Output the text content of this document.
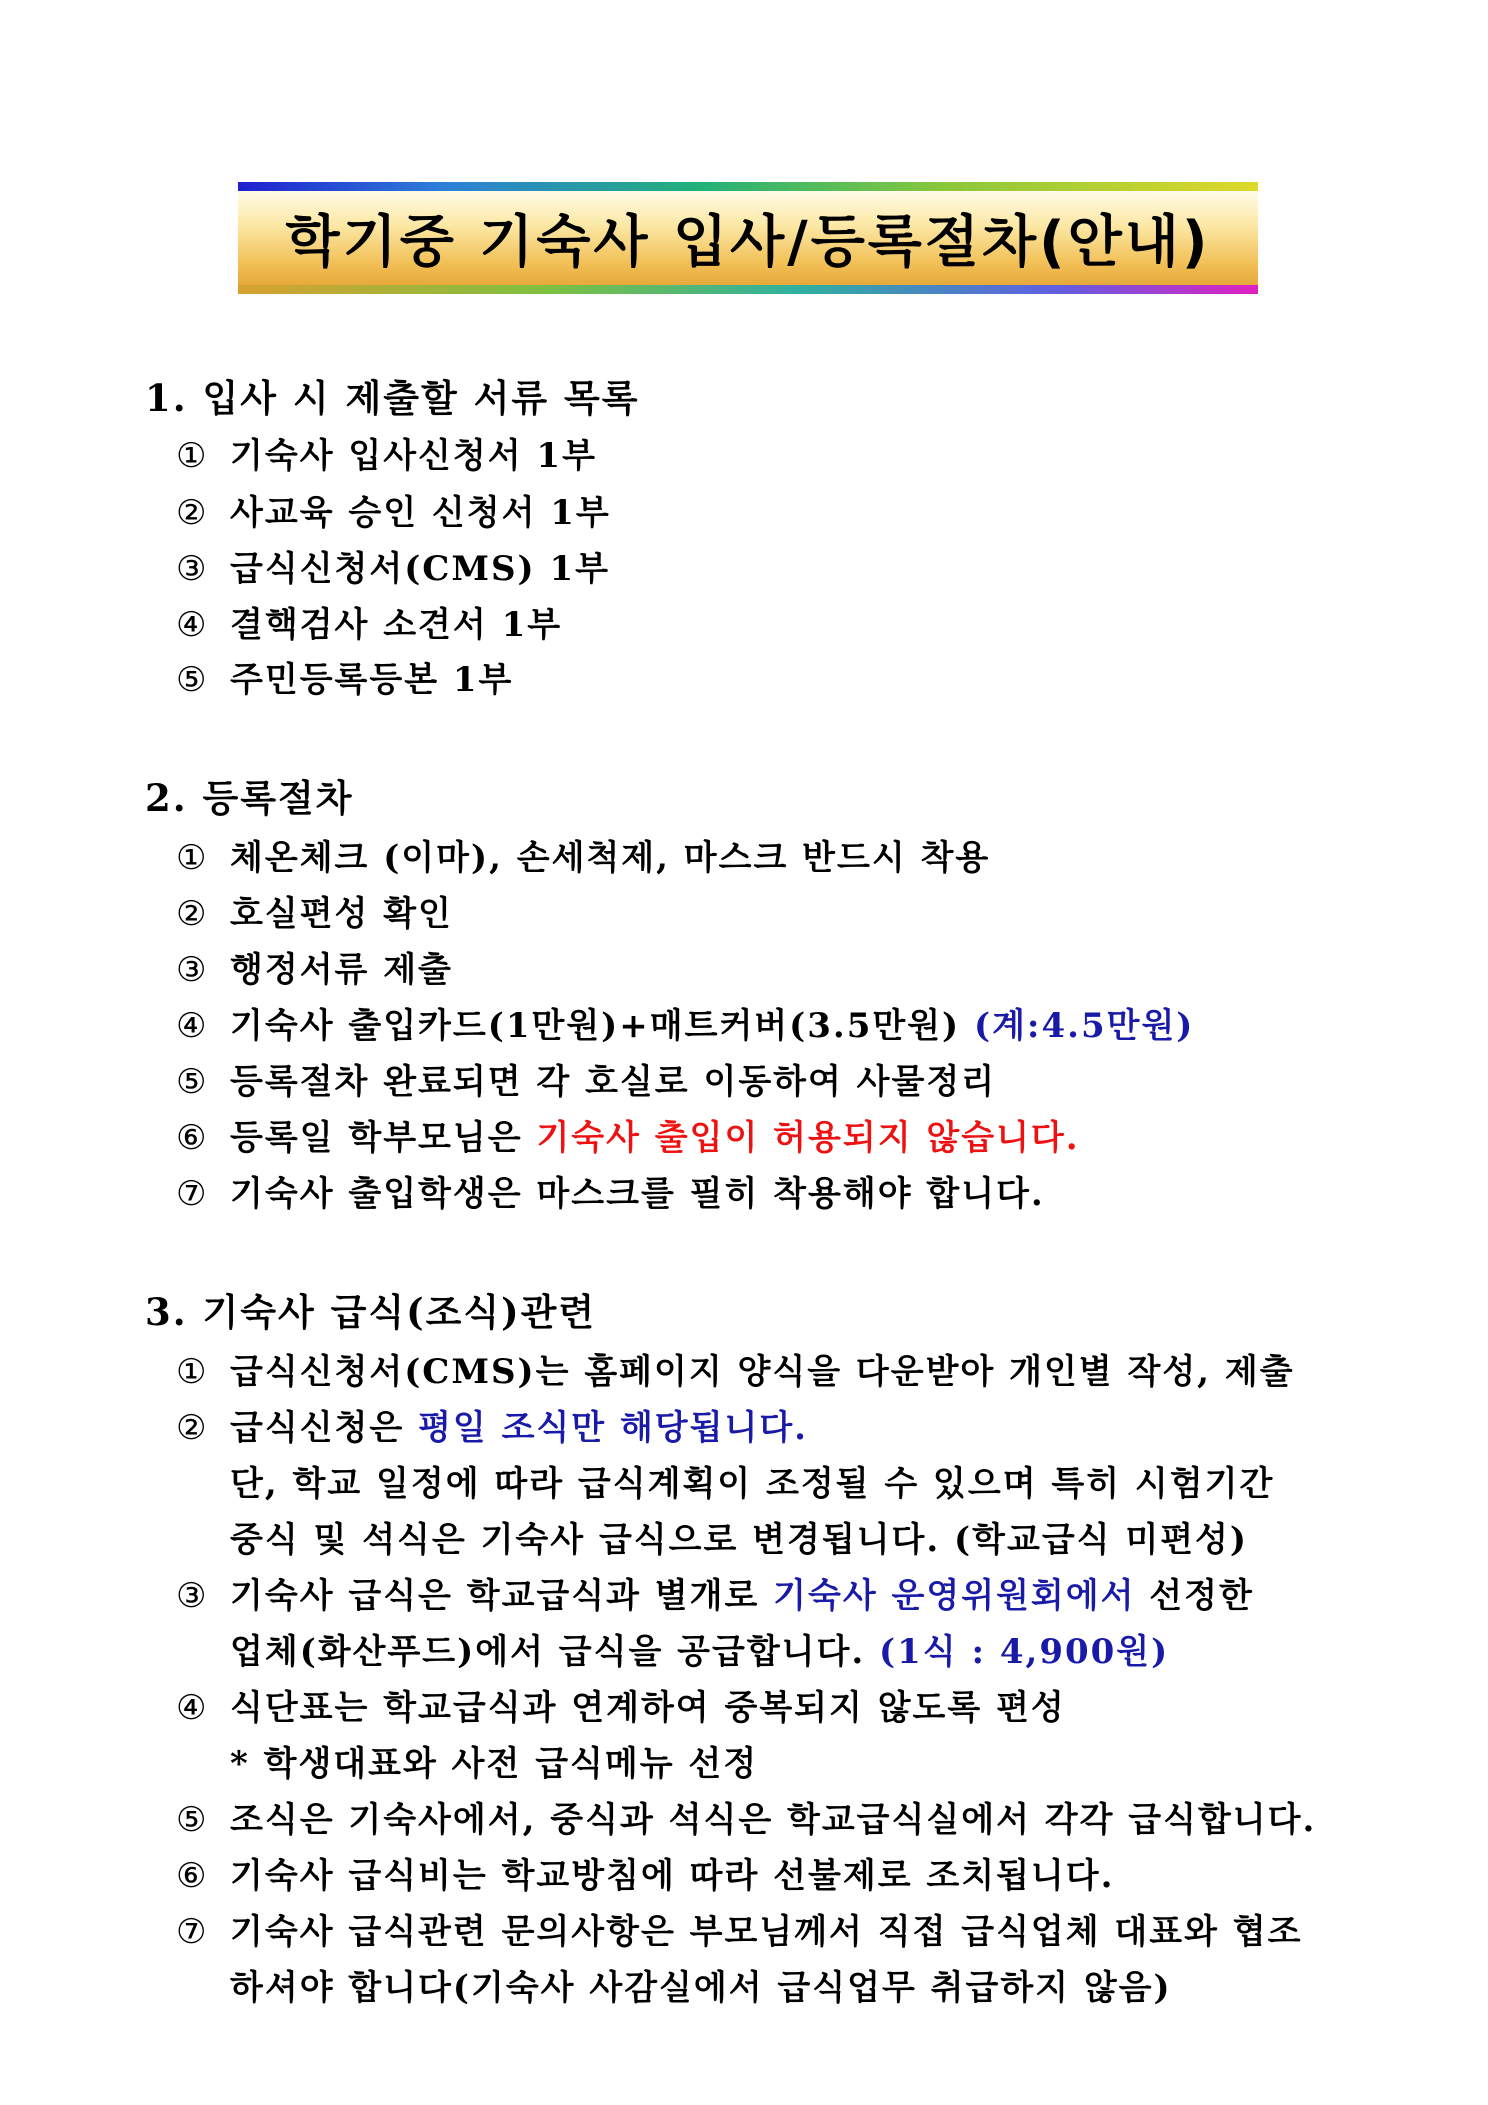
학기중 기숙사 입사/등록절차(안내)
1. 입사 시 제출할 서류 목록
① 기숙사 입사신청서 1부
② 사교육 승인 신청서 1부
③ 급식신청서(CMS) 1부
④ 결핵검사 소견서 1부
⑤ 주민등록등본 1부
2. 등록절차
① 체온체크 (이마), 손세척제, 마스크 반드시 착용
② 호실편성 확인
③ 행정서류 제출
④ 기숙사 출입카드(1만원)+매트커버(3.5만원) (계:4.5만원)
⑤ 등록절차 완료되면 각 호실로 이동하여 사물정리
⑥ 등록일 학부모님은 기숙사 출입이 허용되지 않습니다.
⑦ 기숙사 출입학생은 마스크를 필히 착용해야 합니다.
3. 기숙사 급식(조식)관련
① 급식신청서(CMS)는 홈페이지 양식을 다운받아 개인별 작성, 제출
② 급식신청은 평일 조식만 해당됩니다.
단, 학교 일정에 따라 급식계획이 조정될 수 있으며 특히 시험기간
중식 및 석식은 기숙사 급식으로 변경됩니다. (학교급식 미편성)
③ 기숙사 급식은 학교급식과 별개로 기숙사 운영위원회에서 선정한
업체(화산푸드)에서 급식을 공급합니다. (1식 : 4,900원)
④ 식단표는 학교급식과 연계하여 중복되지 않도록 편성
* 학생대표와 사전 급식메뉴 선정
⑤ 조식은 기숙사에서, 중식과 석식은 학교급식실에서 각각 급식합니다.
⑥ 기숙사 급식비는 학교방침에 따라 선불제로 조치됩니다.
⑦ 기숙사 급식관련 문의사항은 부모님께서 직접 급식업체 대표와 협조
하셔야 합니다(기숙사 사감실에서 급식업무 취급하지 않음)
